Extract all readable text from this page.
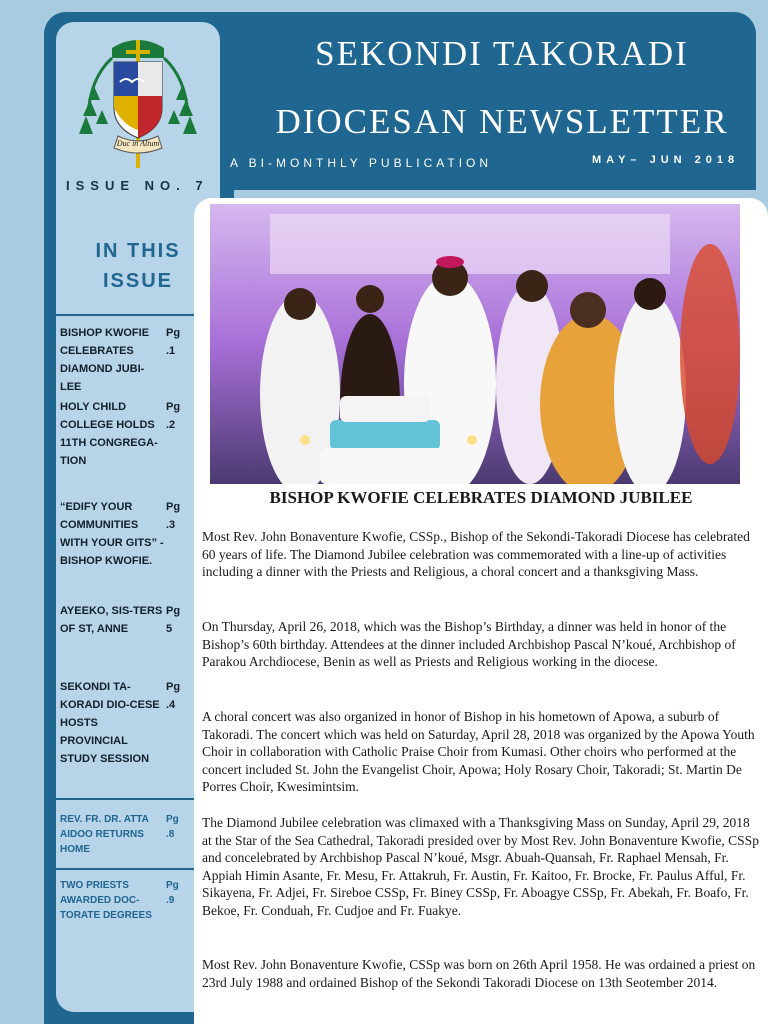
Duc in Altum
ISSUE NO. 7
IN THIS
ISSUE
BISHOP KWOFIE CELEBRATES DIAMOND JUBI-LEE
Pg .1
HOLY CHILD COLLEGE HOLDS 11TH CONGREGA-TION
Pg .2
“EDIFY YOUR COMMUNITIES WITH YOUR GITS” - BISHOP KWOFIE.
Pg .3
AYEEKO, SIS-TERS OF ST, ANNE
Pg 5
SEKONDI TA-KORADI DIO-CESE HOSTS PROVINCIAL STUDY SESSION
Pg .4
REV. FR. DR. ATTA AIDOO RETURNS HOME
Pg .8
TWO PRIESTS AWARDED DOC-TORATE DEGREES
Pg .9
SEKONDI TAKORADI
DIOCESAN NEWSLETTER
A BI-MONTHLY PUBLICATION	MAY– JUN 2018
BISHOP KWOFIE CELEBRATES DIAMOND JUBILEE

Most Rev. John Bonaventure Kwofie, CSSp., Bishop of the Sekondi-Takoradi Diocese has celebrated 60 years of life. The Diamond Jubilee celebration was commemorated with a line-up of activities including a dinner with the Priests and Religious, a choral concert and a thanksgiving Mass.

On Thursday, April 26, 2018, which was the Bishop’s Birthday, a dinner was held in honor of the Bishop’s 60th birthday. Attendees at the dinner included Archbishop Pascal N’koué, Archbishop of Parakou Archdiocese, Benin as well as Priests and Religious working in the diocese.

A choral concert was also organized in honor of Bishop in his hometown of Apowa, a suburb of Takoradi. The concert which was held on Saturday, April 28, 2018 was organized by the Apowa Youth Choir in collaboration with Catholic Praise Choir from Kumasi. Other choirs who performed at the concert included St. John the Evangelist Choir, Apowa; Holy Rosary Choir, Takoradi; St. Martin De Porres Choir, Kwesimintsim.

The Diamond Jubilee celebration was climaxed with a Thanksgiving Mass on Sunday, April 29, 2018 at the Star of the Sea Cathedral, Takoradi presided over by Most Rev. John Bonaventure Kwofie, CSSp and concelebrated by Archbishop Pascal N’koué, Msgr. Abuah-Quansah, Fr. Raphael Mensah, Fr. Appiah Himin Asante, Fr. Mesu, Fr. Attakruh, Fr. Austin, Fr. Kaitoo, Fr. Brocke, Fr. Paulus Afful, Fr. Sikayena, Fr. Adjei, Fr. Sireboe CSSp, Fr. Biney CSSp, Fr. Aboagye CSSp, Fr. Abekah, Fr. Boafo, Fr. Bekoe, Fr. Conduah, Fr. Cudjoe and Fr. Fuakye.

Most Rev. John Bonaventure Kwofie, CSSp was born on 26th April 1958. He was ordained a priest on 23rd July 1988 and ordained Bishop of the Sekondi Takoradi Diocese on 13th Seotember 2014.
